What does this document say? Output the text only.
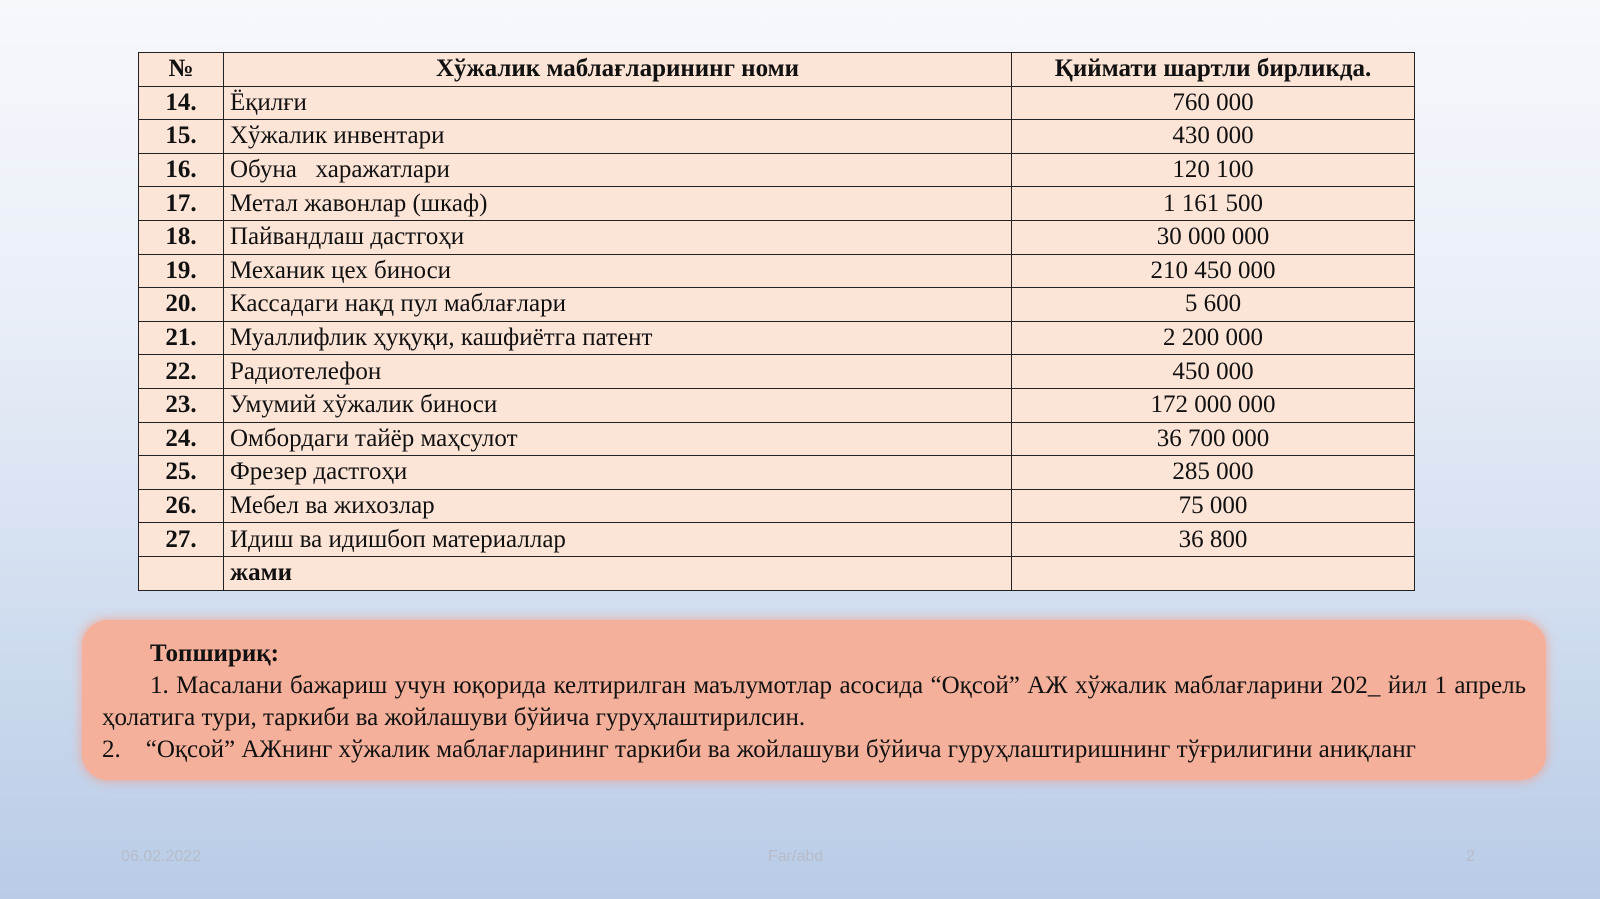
№	Хўжалик маблағларининг номи	Қиймати шартли бирликда.
14.	Ёқилғи	760 000
15.	Хўжалик инвентари	430 000
16.	Обуна   харажатлари	120 100
17.	Метал жавонлар (шкаф)	1 161 500
18.	Пайвандлаш дастгоҳи	30 000 000
19.	Механик цех биноси	210 450 000
20.	Кассадаги нақд пул маблағлари	5 600
21.	Муаллифлик ҳуқуқи, кашфиётга патент	2 200 000
22.	Радиотелефон	450 000
23.	Умумий хўжалик биноси	172 000 000
24.	Омбордаги тайёр маҳсулот	36 700 000
25.	Фрезер дастгоҳи	285 000
26.	Мебел ва жихозлар	75 000
27.	Идиш ва идишбоп материаллар	36 800
	жами	
Топшириқ:
1. Масалани бажариш учун юқорида келтирилган маълумотлар асосида “Оқсой” АЖ хўжалик маблағларини 202_ йил 1 апрель ҳолатига тури, таркиби ва жойлашуви бўйича гуруҳлаштирилсин.
2.    “Оқсой” АЖнинг хўжалик маблағларининг таркиби ва жойлашуви бўйича гуруҳлаштиришнинг тўғрилигини аниқланг
06.02.2022	Far/abd	2
